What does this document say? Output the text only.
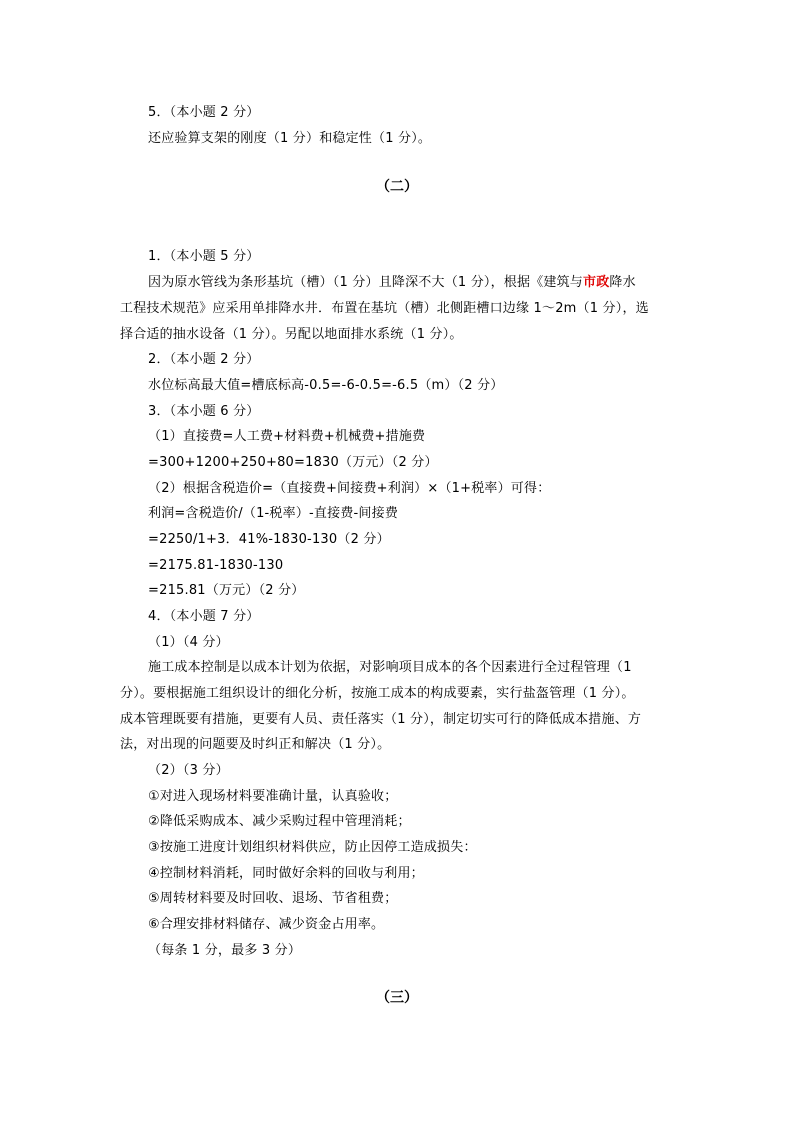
5．（本小题 2 分）
还应验算支架的刚度（1 分）和稳定性（1 分）。
（二）
1．（本小题 5 分）
因为原水管线为条形基坑（槽）（1 分）且降深不大（1 分），根据《建筑与市政降水
工程技术规范》应采用单排降水井．布置在基坑（槽）北侧距槽口边缘 1～2m（1 分），选
择合适的抽水设备（1 分）。另配以地面排水系统（1 分）。
2．（本小题 2 分）
水位标高最大值=槽底标高-0.5=-6-0.5=-6.5（m）（2 分）
3．（本小题 6 分）
（1）直接费=人工费+材料费+机械费+措施费
=300+1200+250+80=1830（万元）（2 分）
（2）根据含税造价=（直接费+间接费+利润）×（1+税率）可得：
利润=含税造价/（1-税率）-直接费-间接费
=2250/1+3．41%-1830-130（2 分）
=2175.81-1830-130
=215.81（万元）（2 分）
4．（本小题 7 分）
（1）（4 分）
施工成本控制是以成本计划为依据，对影响项目成本的各个因素进行全过程管理（1
分）。要根据施工组织设计的细化分析，按施工成本的构成要素，实行盐盔管理（1 分）。
成本管理既要有措施，更要有人员、责任落实（1 分），制定切实可行的降低成本措施、方
法，对出现的问题要及时纠正和解决（1 分）。
（2）（3 分）
①对进入现场材料要准确计量，认真验收；
②降低采购成本、减少采购过程中管理消耗；
③按施工进度计划组织材料供应，防止因停工造成损失：
④控制材料消耗，同时做好余料的回收与利用；
⑤周转材料要及时回收、退场、节省租费；
⑥合理安排材料储存、减少资金占用率。
（每条 1 分，最多 3 分）
（三）
